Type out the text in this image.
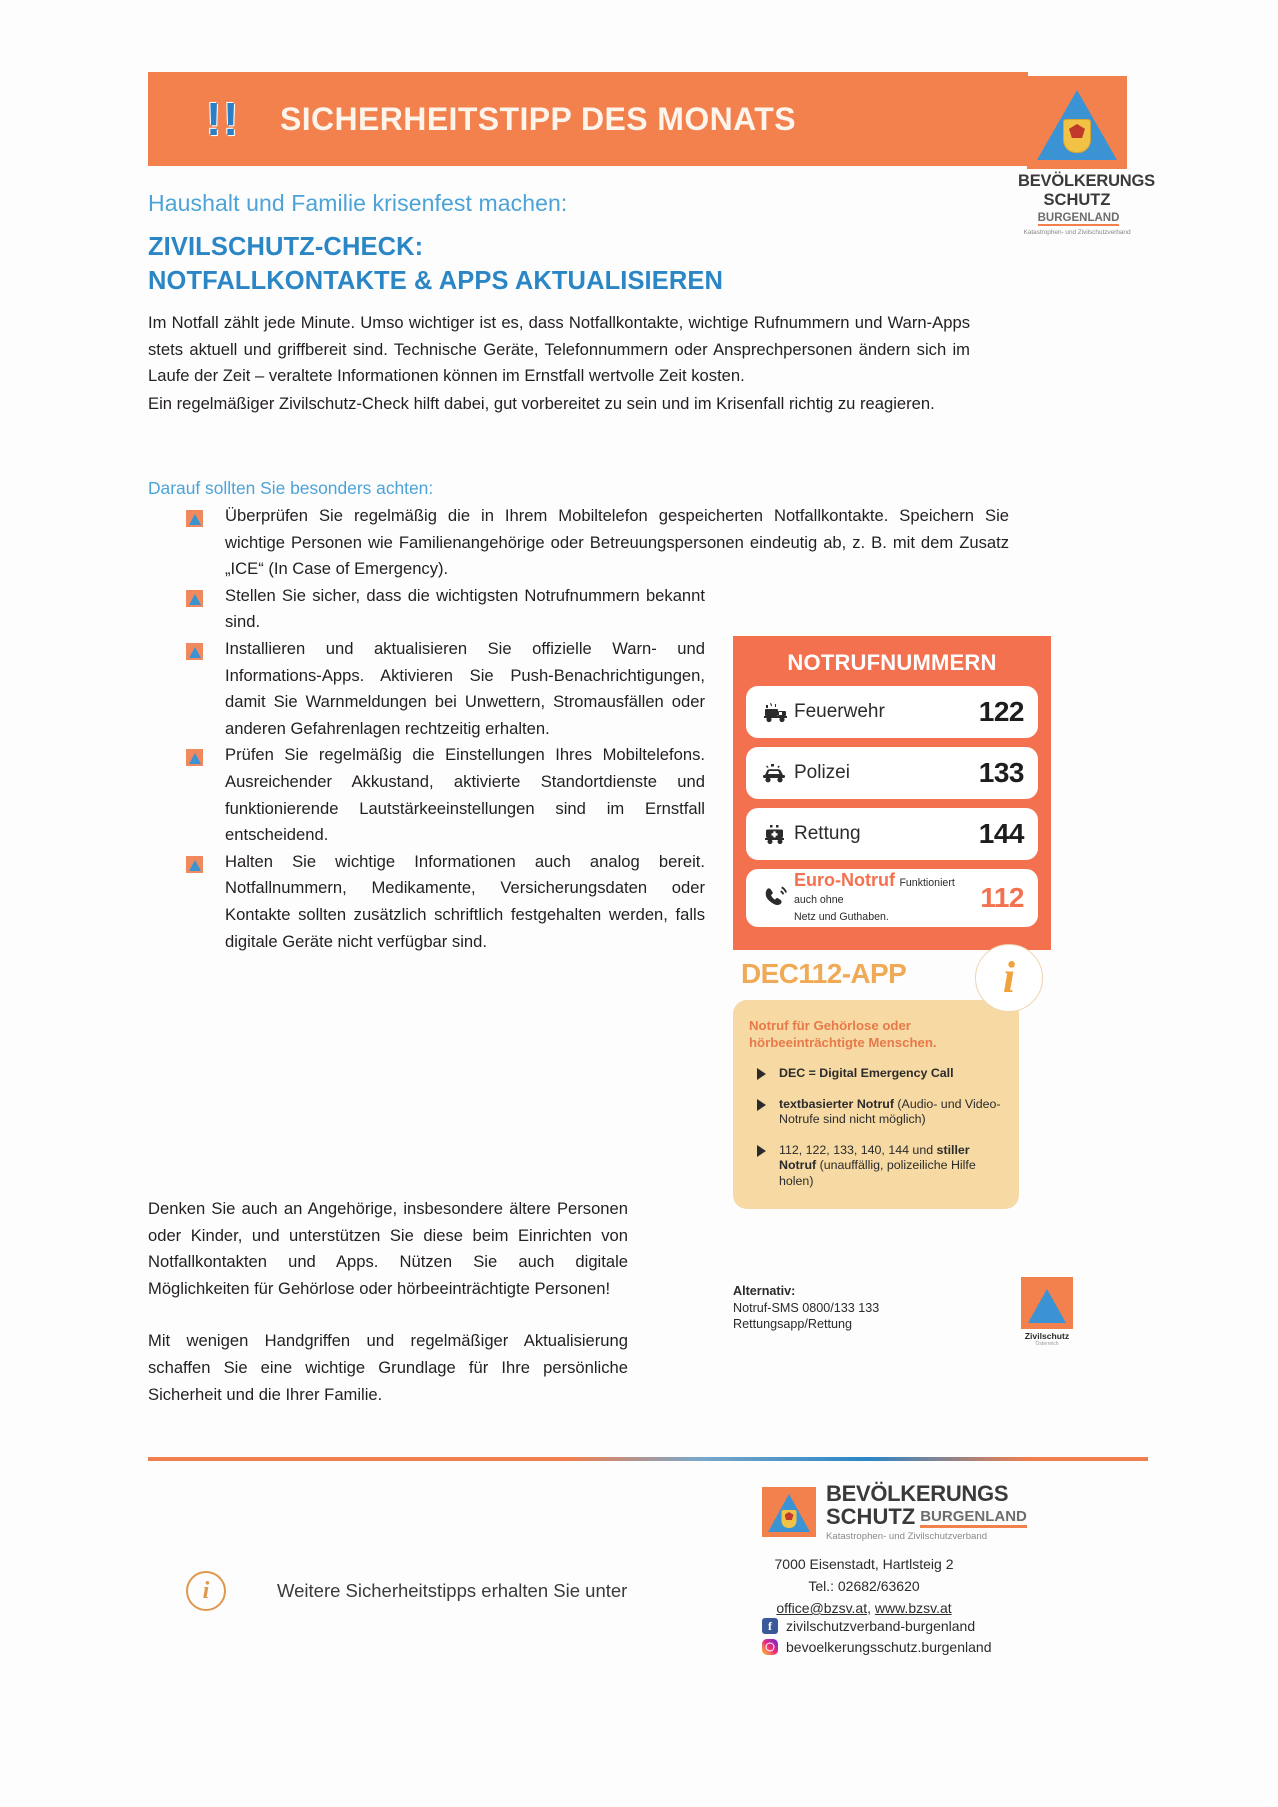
! ! SICHERHEITSTIPP DES MONATS
BEVÖLKERUNGS
SCHUTZBURGENLAND
Katastrophen- und Zivilschutzverband
Haushalt und Familie krisenfest machen:
ZIVILSCHUTZ-CHECK:
NOTFALLKONTAKTE & APPS AKTUALISIEREN

Im Notfall zählt jede Minute. Umso wichtiger ist es, dass Notfallkontakte, wichtige Rufnummern und Warn-Apps stets aktuell und griffbereit sind. Technische Geräte, Telefonnummern oder Ansprechpersonen ändern sich im Laufe der Zeit – veraltete Informationen können im Ernstfall wertvolle Zeit kosten.

Ein regelmäßiger Zivilschutz-Check hilft dabei, gut vorbereitet zu sein und im Krisenfall richtig zu reagieren.

Darauf sollten Sie besonders achten:
Überprüfen Sie regelmäßig die in Ihrem Mobiltelefon gespeicherten Notfallkontakte. Speichern Sie wichtige Personen wie Familienangehörige oder Betreuungspersonen eindeutig ab, z. B. mit dem Zusatz „ICE“ (In Case of Emergency).
Stellen Sie sicher, dass die wichtigsten Notrufnummern bekannt sind.
Installieren und aktualisieren Sie offizielle Warn- und Informations-Apps. Aktivieren Sie Push-Benachrichtigungen, damit Sie Warnmeldungen bei Unwettern, Stromausfällen oder anderen Gefahrenlagen rechtzeitig erhalten.
Prüfen Sie regelmäßig die Einstellungen Ihres Mobiltelefons. Ausreichender Akkustand, aktivierte Standortdienste und funktionierende Lautstärkeeinstellungen sind im Ernstfall entscheidend.
Halten Sie wichtige Informationen auch analog bereit. Notfallnummern, Medikamente, Versicherungsdaten oder Kontakte sollten zusätzlich schriftlich festgehalten werden, falls digitale Geräte nicht verfügbar sind.

Denken Sie auch an Angehörige, insbesondere ältere Personen oder Kinder, und unterstützen Sie diese beim Einrichten von Notfallkontakten und Apps. Nützen Sie auch digitale Möglichkeiten für Gehörlose oder hörbeeinträchtigte Personen!

Mit wenigen Handgriffen und regelmäßiger Aktualisierung schaffen Sie eine wichtige Grundlage für Ihre persönliche Sicherheit und die Ihrer Familie.

NOTRUFNUMMERN
Feuerwehr	122
Polizei	133
Rettung	144
Euro-Notruf Funktioniert auch ohne
Netz und Guthaben.
112
DEC112-APP	i
Notruf für Gehörlose oder
hörbeeinträchtigte Menschen.
DEC = Digital Emergency Call
textbasierter Notruf (Audio- und Video-Notrufe sind nicht möglich)
112, 122, 133, 140, 144 und stiller Notruf (unauffällig, polizeiliche Hilfe holen)
Alternativ:
Notruf-SMS 0800/133 133
Rettungsapp/Rettung
Zivilschutz
Österreich
i	Weitere Sicherheitstipps erhalten Sie unter
BEVÖLKERUNGS
SCHUTZ BURGENLAND
Katastrophen- und Zivilschutzverband
7000 Eisenstadt, Hartlsteig 2
Tel.: 02682/63620
office@bzsv.at, www.bzsv.at
f	zivilschutzverband-burgenland
bevoelkerungsschutz.burgenland
